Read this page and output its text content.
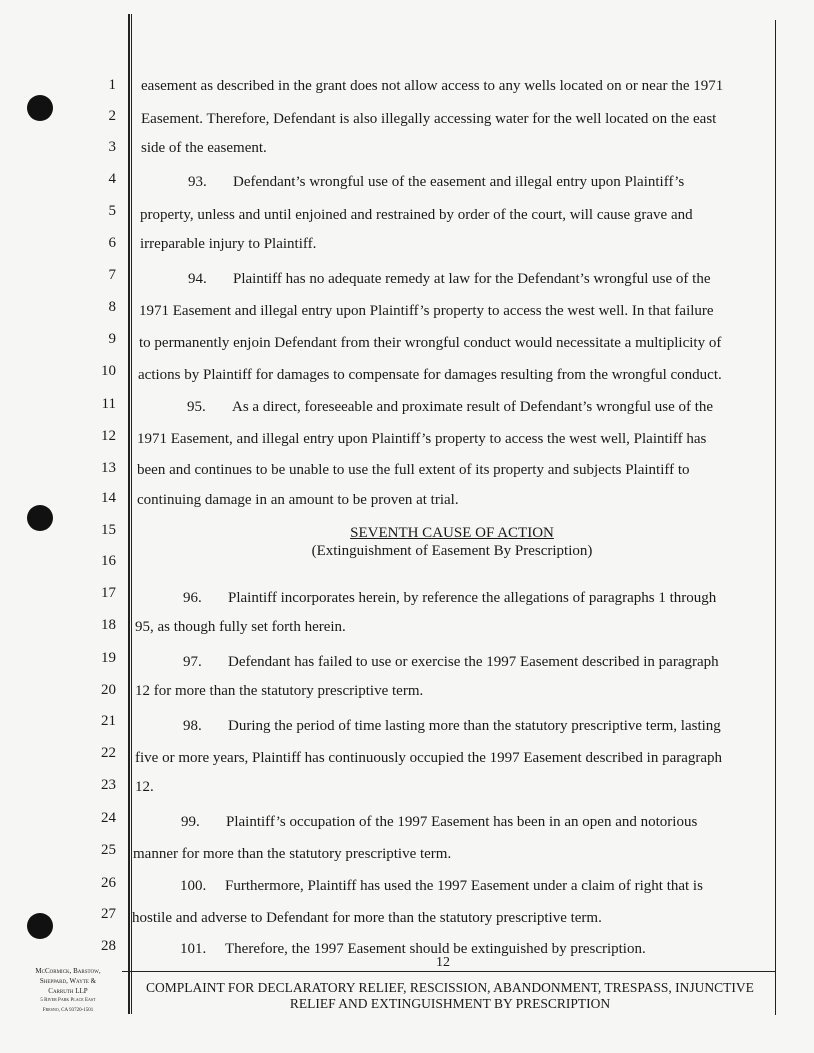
1
2
3
4
5
6
7
8
9
10
11
12
13
14
15
16
17
18
19
20
21
22
23
24
25
26
27
28
easement as described in the grant does not allow access to any wells located on or near the 1971
Easement. Therefore, Defendant is also illegally accessing water for the well located on the east
side of the easement.
93.       Defendant’s wrongful use of the easement and illegal entry upon Plaintiff’s
property, unless and until enjoined and restrained by order of the court, will cause grave and
irreparable injury to Plaintiff.
94.       Plaintiff has no adequate remedy at law for the Defendant’s wrongful use of the
1971 Easement and illegal entry upon Plaintiff’s property to access the west well. In that failure
to permanently enjoin Defendant from their wrongful conduct would necessitate a multiplicity of
actions by Plaintiff for damages to compensate for damages resulting from the wrongful conduct.
95.       As a direct, foreseeable and proximate result of Defendant’s wrongful use of the
1971 Easement, and illegal entry upon Plaintiff’s property to access the west well, Plaintiff has
been and continues to be unable to use the full extent of its property and subjects Plaintiff to
continuing damage in an amount to be proven at trial.
SEVENTH CAUSE OF ACTION
(Extinguishment of Easement By Prescription)
96.       Plaintiff incorporates herein, by reference the allegations of paragraphs 1 through
95, as though fully set forth herein.
97.       Defendant has failed to use or exercise the 1997 Easement described in paragraph
12 for more than the statutory prescriptive term.
98.       During the period of time lasting more than the statutory prescriptive term, lasting
five or more years, Plaintiff has continuously occupied the 1997 Easement described in paragraph
12.
99.       Plaintiff’s occupation of the 1997 Easement has been in an open and notorious
manner for more than the statutory prescriptive term.
100.     Furthermore, Plaintiff has used the 1997 Easement under a claim of right that is
hostile and adverse to Defendant for more than the statutory prescriptive term.
101.     Therefore, the 1997 Easement should be extinguished by prescription.
12
McCormick, Barstow,
Sheppard, Wayte &
Carruth LLP
5 River Park Place East
Fresno, CA 93720-1501
COMPLAINT FOR DECLARATORY RELIEF, RESCISSION, ABANDONMENT, TRESPASS, INJUNCTIVE
RELIEF AND EXTINGUISHMENT BY PRESCRIPTION
